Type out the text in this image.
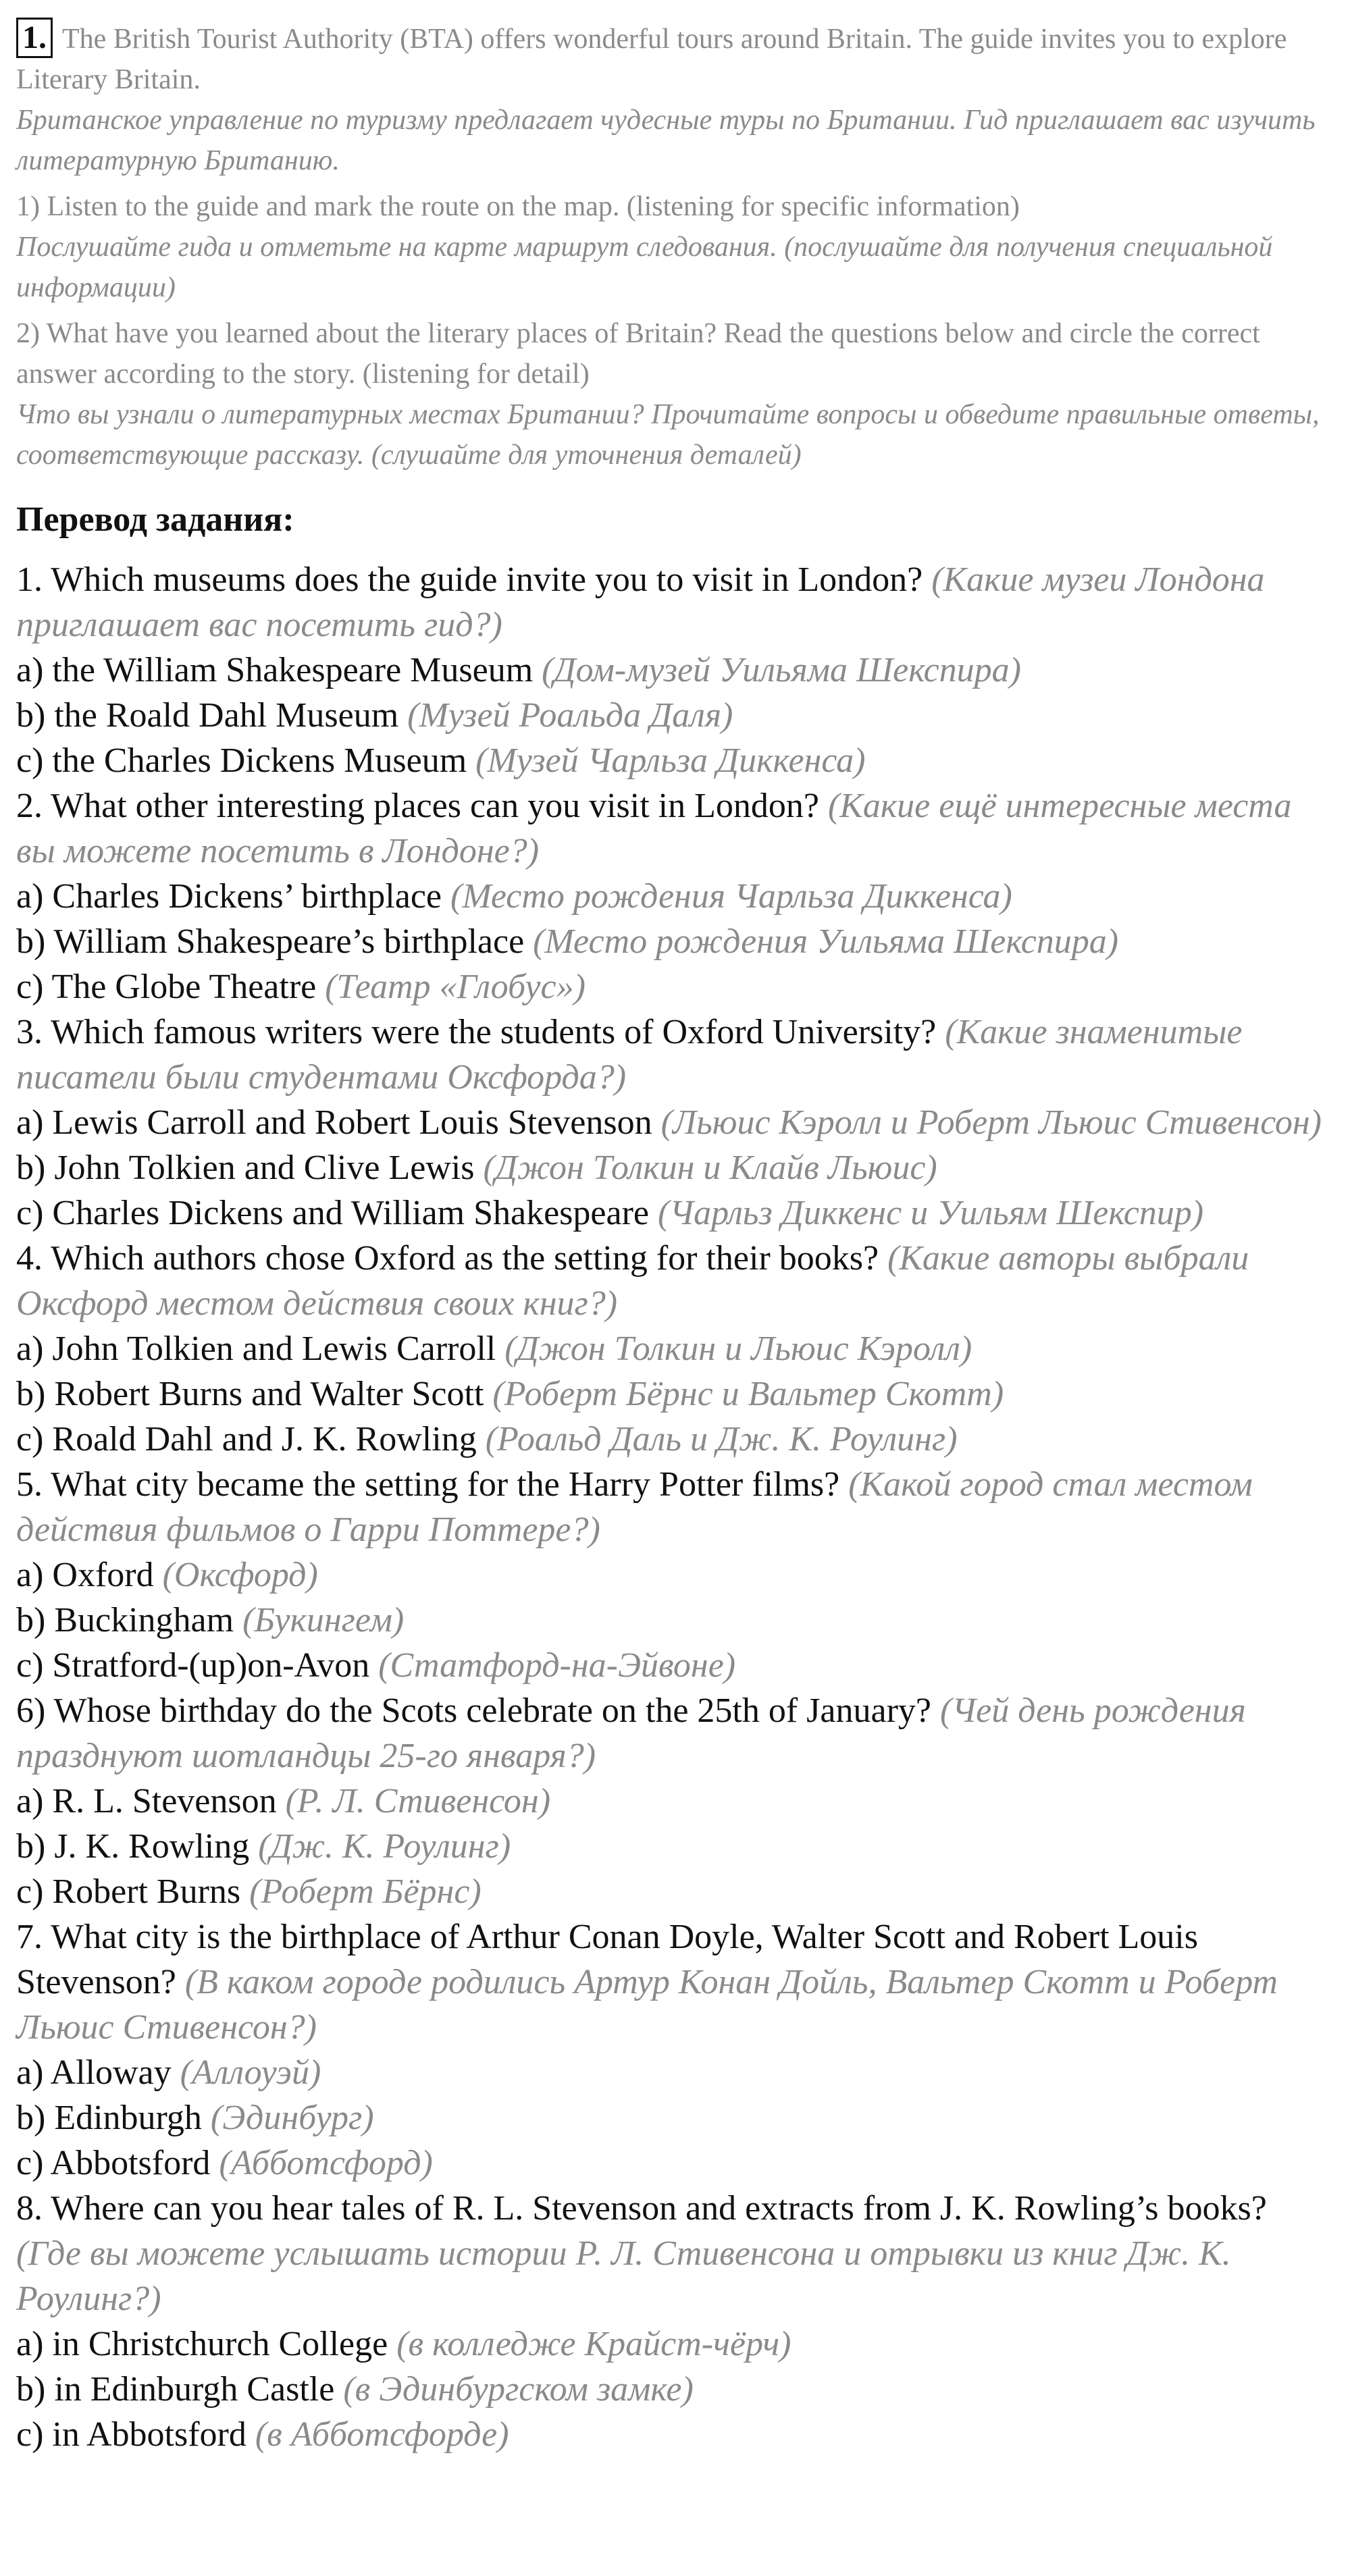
1. The British Tourist Authority (BTA) offers wonderful tours around Britain. The guide invites you to explore Literary Britain.

Британское управление по туризму предлагает чудесные туры по Британии. Гид приглашает вас изучить литературную Британию.

1) Listen to the guide and mark the route on the map. (listening for specific information)

Послушайте гида и отметьте на карте маршрут следования. (послушайте для получения специальной информации)

2) What have you learned about the literary places of Britain? Read the questions below and circle the correct answer according to the story. (listening for detail)

Что вы узнали о литературных местах Британии? Прочитайте вопросы и обведите правильные ответы, соответствующие рассказу. (слушайте для уточнения деталей)

Перевод задания:

1. Which museums does the guide invite you to visit in London? (Какие музеи Лондона приглашает вас посетить гид?)

a) the William Shakespeare Museum (Дом-музей Уильяма Шекспира)

b) the Roald Dahl Museum (Музей Роальда Даля)

c) the Charles Dickens Museum (Музей Чарльза Диккенса)

2. What other interesting places can you visit in London? (Какие ещё интересные места вы можете посетить в Лондоне?)

a) Charles Dickens’ birthplace (Место рождения Чарльза Диккенса)

b) William Shakespeare’s birthplace (Место рождения Уильяма Шекспира)

c) The Globe Theatre (Театр «Глобус»)

3. Which famous writers were the students of Oxford University? (Какие знаменитые писатели были студентами Оксфорда?)

a) Lewis Carroll and Robert Louis Stevenson (Льюис Кэролл и Роберт Льюис Стивенсон)

b) John Tolkien and Clive Lewis (Джон Толкин и Клайв Льюис)

c) Charles Dickens and William Shakespeare (Чарльз Диккенс и Уильям Шекспир)

4. Which authors chose Oxford as the setting for their books? (Какие авторы выбрали Оксфорд местом действия своих книг?)

a) John Tolkien and Lewis Carroll (Джон Толкин и Льюис Кэролл)

b) Robert Burns and Walter Scott (Роберт Бёрнс и Вальтер Скотт)

c) Roald Dahl and J. K. Rowling (Роальд Даль и Дж. К. Роулинг)

5. What city became the setting for the Harry Potter films? (Какой город стал местом действия фильмов о Гарри Поттере?)

a) Oxford (Оксфорд)

b) Buckingham (Букингем)

c) Stratford-(up)on-Avon (Статфорд-на-Эйвоне)

6) Whose birthday do the Scots celebrate on the 25th of January? (Чей день рождения празднуют шотландцы 25-го января?)

a) R. L. Stevenson (Р. Л. Стивенсон)

b) J. K. Rowling (Дж. К. Роулинг)

c) Robert Burns (Роберт Бёрнс)

7. What city is the birthplace of Arthur Conan Doyle, Walter Scott and Robert Louis Stevenson? (В каком городе родились Артур Конан Дойль, Вальтер Скотт и Роберт Льюис Стивенсон?)

a) Alloway (Аллоуэй)

b) Edinburgh (Эдинбург)

c) Abbotsford (Абботсфорд)

8. Where can you hear tales of R. L. Stevenson and extracts from J. K. Rowling’s books? (Где вы можете услышать истории Р. Л. Стивенсона и отрывки из книг Дж. К. Роулинг?)

a) in Christchurch College (в колледже Крайст-чёрч)

b) in Edinburgh Castle (в Эдинбургском замке)

c) in Abbotsford (в Абботсфорде)
